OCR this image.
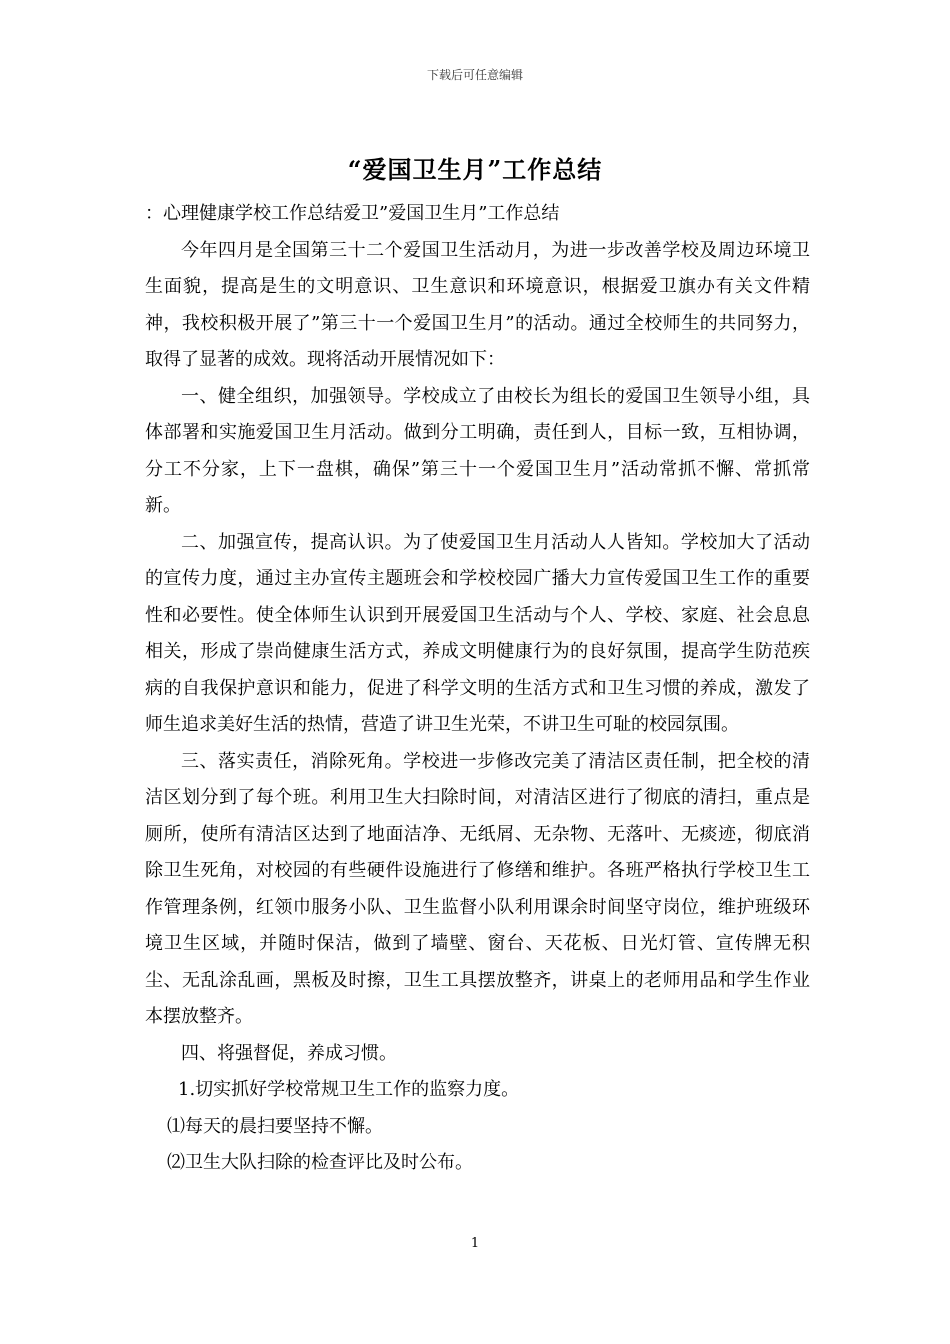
下载后可任意编辑
“爱国卫生月”工作总结

：心理健康学校工作总结爱卫”爱国卫生月”工作总结

今年四月是全国第三十二个爱国卫生活动月，为进一步改善学校及周边环境卫生面貌，提高是生的文明意识、卫生意识和环境意识，根据爱卫旗办有关文件精神，我校积极开展了”第三十一个爱国卫生月”的活动。通过全校师生的共同努力，取得了显著的成效。现将活动开展情况如下：

一、健全组织，加强领导。学校成立了由校长为组长的爱国卫生领导小组，具体部署和实施爱国卫生月活动。做到分工明确，责任到人，目标一致，互相协调，分工不分家，上下一盘棋，确保”第三十一个爱国卫生月”活动常抓不懈、常抓常新。

二、加强宣传，提高认识。为了使爱国卫生月活动人人皆知。学校加大了活动的宣传力度，通过主办宣传主题班会和学校校园广播大力宣传爱国卫生工作的重要性和必要性。使全体师生认识到开展爱国卫生活动与个人、学校、家庭、社会息息相关，形成了崇尚健康生活方式，养成文明健康行为的良好氛围，提高学生防范疾病的自我保护意识和能力，促进了科学文明的生活方式和卫生习惯的养成，激发了师生追求美好生活的热情，营造了讲卫生光荣，不讲卫生可耻的校园氛围。

三、落实责任，消除死角。学校进一步修改完美了清洁区责任制，把全校的清洁区划分到了每个班。利用卫生大扫除时间，对清洁区进行了彻底的清扫，重点是厕所，使所有清洁区达到了地面洁净、无纸屑、无杂物、无落叶、无痰迹，彻底消除卫生死角，对校园的有些硬件设施进行了修缮和维护。各班严格执行学校卫生工作管理条例，红领巾服务小队、卫生监督小队利用课余时间坚守岗位，维护班级环境卫生区域，并随时保洁，做到了墙壁、窗台、天花板、日光灯管、宣传牌无积尘、无乱涂乱画，黑板及时擦，卫生工具摆放整齐，讲桌上的老师用品和学生作业本摆放整齐。

四、将强督促，养成习惯。

1.切实抓好学校常规卫生工作的监察力度。

⑴每天的晨扫要坚持不懈。

⑵卫生大队扫除的检查评比及时公布。

1
